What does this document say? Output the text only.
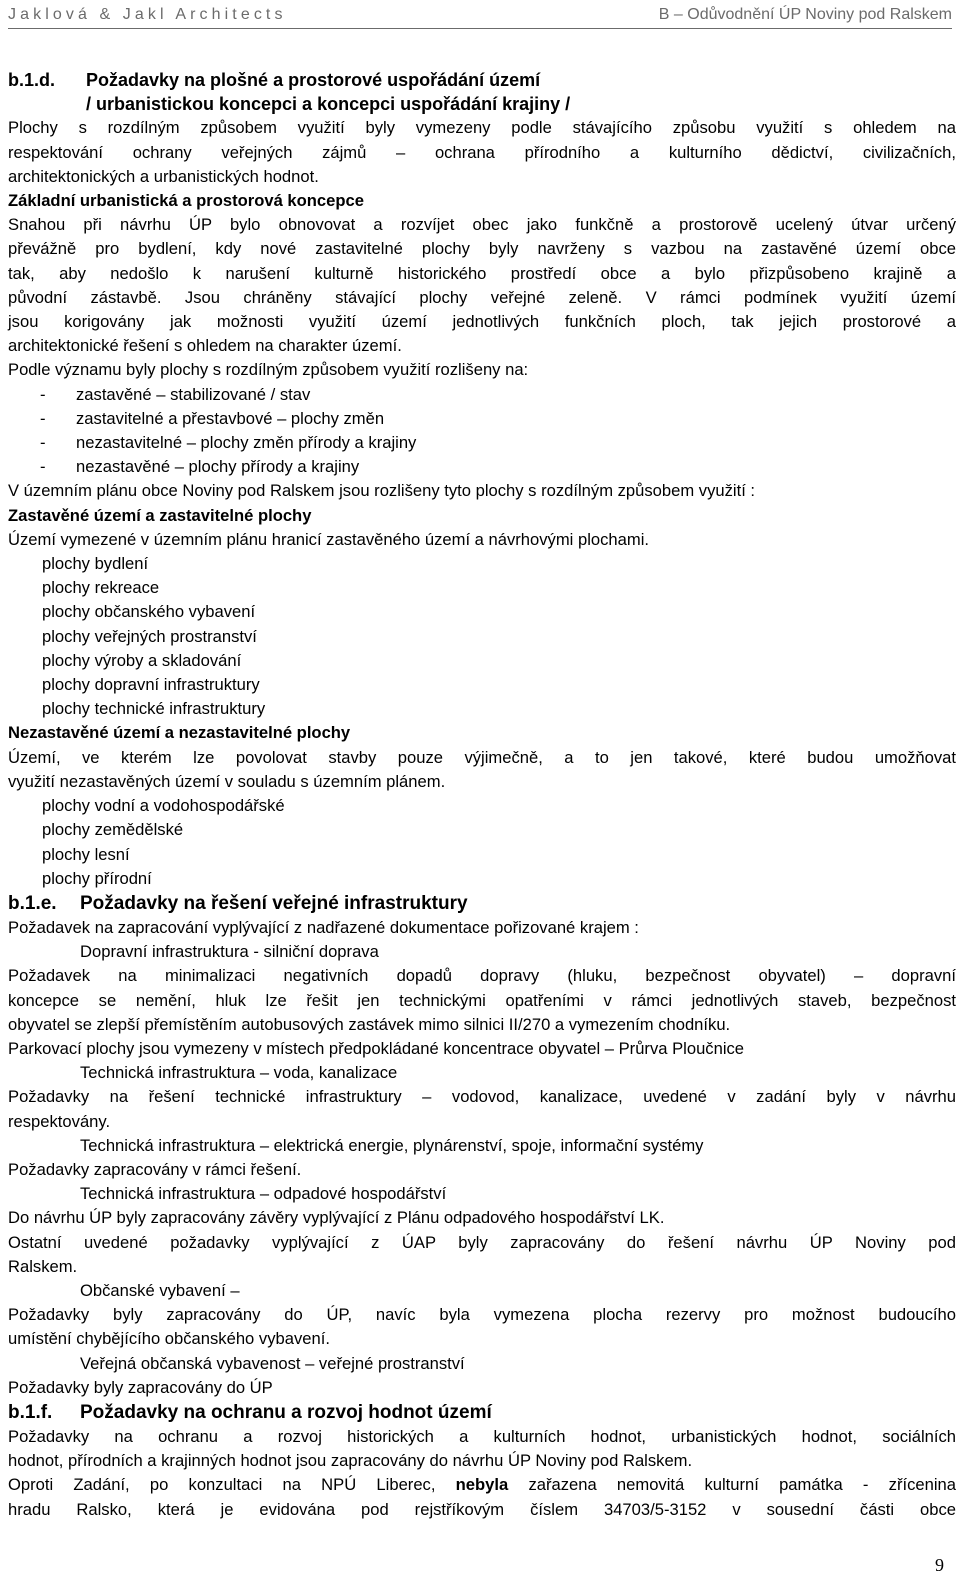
Jaklová & Jakl Architects	B – Odůvodnění ÚP Noviny pod Ralskem

b.1.d. Požadavky na plošné a prostorové uspořádání území

/ urbanistickou koncepci a koncepci uspořádání krajiny /

Plochy s rozdílným způsobem využití byly vymezeny podle stávajícího způsobu využití s ohledem na

respektování ochrany veřejných zájmů – ochrana přírodního a kulturního dědictví, civilizačních,

architektonických a urbanistických hodnot.

Základní urbanistická a prostorová koncepce

Snahou při návrhu ÚP bylo obnovovat a rozvíjet obec jako funkčně a prostorově ucelený útvar určený

převážně pro bydlení, kdy nové zastavitelné plochy byly navrženy s vazbou na zastavěné území obce

tak, aby nedošlo k narušení kulturně historického prostředí obce a bylo přizpůsobeno krajině a

původní zástavbě. Jsou chráněny stávající plochy veřejné zeleně. V rámci podmínek využití území

jsou korigovány jak možnosti využití území jednotlivých funkčních ploch, tak jejich prostorové a

architektonické řešení s ohledem na charakter území.

Podle významu byly plochy s rozdílným způsobem využití rozlišeny na:

- zastavěné – stabilizované / stav

- zastavitelné a přestavbové – plochy změn

- nezastavitelné – plochy změn přírody a krajiny

- nezastavěné – plochy přírody a krajiny

V územním plánu obce Noviny pod Ralskem jsou rozlišeny tyto plochy s rozdílným způsobem využití :

Zastavěné území a zastavitelné plochy

Území vymezené v územním plánu hranicí zastavěného území a návrhovými plochami.

plochy bydlení

plochy rekreace

plochy občanského vybavení

plochy veřejných prostranství

plochy výroby a skladování

plochy dopravní infrastruktury

plochy technické infrastruktury

Nezastavěné území a nezastavitelné plochy

Území, ve kterém lze povolovat stavby pouze výjimečně, a to jen takové, které budou umožňovat

využití nezastavěných území v souladu s územním plánem.

plochy vodní a vodohospodářské

plochy zemědělské

plochy lesní

plochy přírodní

b.1.e. Požadavky na řešení veřejné infrastruktury

Požadavek na zapracování vyplývající z nadřazené dokumentace pořizované krajem :

Dopravní infrastruktura - silniční doprava

Požadavek na minimalizaci negativních dopadů dopravy (hluku, bezpečnost obyvatel) – dopravní

koncepce se nemění, hluk lze řešit jen technickými opatřeními v rámci jednotlivých staveb, bezpečnost

obyvatel se zlepší přemístěním autobusových zastávek mimo silnici II/270 a vymezením chodníku.

Parkovací plochy jsou vymezeny v místech předpokládané koncentrace obyvatel – Průrva Ploučnice

Technická infrastruktura – voda, kanalizace

Požadavky na řešení technické infrastruktury – vodovod, kanalizace, uvedené v zadání byly v návrhu

respektovány.

Technická infrastruktura – elektrická energie, plynárenství, spoje, informační systémy

Požadavky zapracovány v rámci řešení.

Technická infrastruktura – odpadové hospodářství

Do návrhu ÚP byly zapracovány závěry vyplývající z Plánu odpadového hospodářství LK.

Ostatní uvedené požadavky vyplývající z ÚAP byly zapracovány do řešení návrhu ÚP Noviny pod

Ralskem.

Občanské vybavení –

Požadavky byly zapracovány do ÚP, navíc byla vymezena plocha rezervy pro možnost budoucího

umístění chybějícího občanského vybavení.

Veřejná občanská vybavenost – veřejné prostranství

Požadavky byly zapracovány do ÚP

b.1.f. Požadavky na ochranu a rozvoj hodnot území

Požadavky na ochranu a rozvoj historických a kulturních hodnot, urbanistických hodnot, sociálních

hodnot, přírodních a krajinných hodnot jsou zapracovány do návrhu ÚP Noviny pod Ralskem.

Oproti Zadání, po konzultaci na NPÚ Liberec, nebyla zařazena nemovitá kulturní památka - zřícenina

hradu Ralsko, která je evidována pod rejstříkovým číslem 34703/5-3152 v sousední části obce

9
